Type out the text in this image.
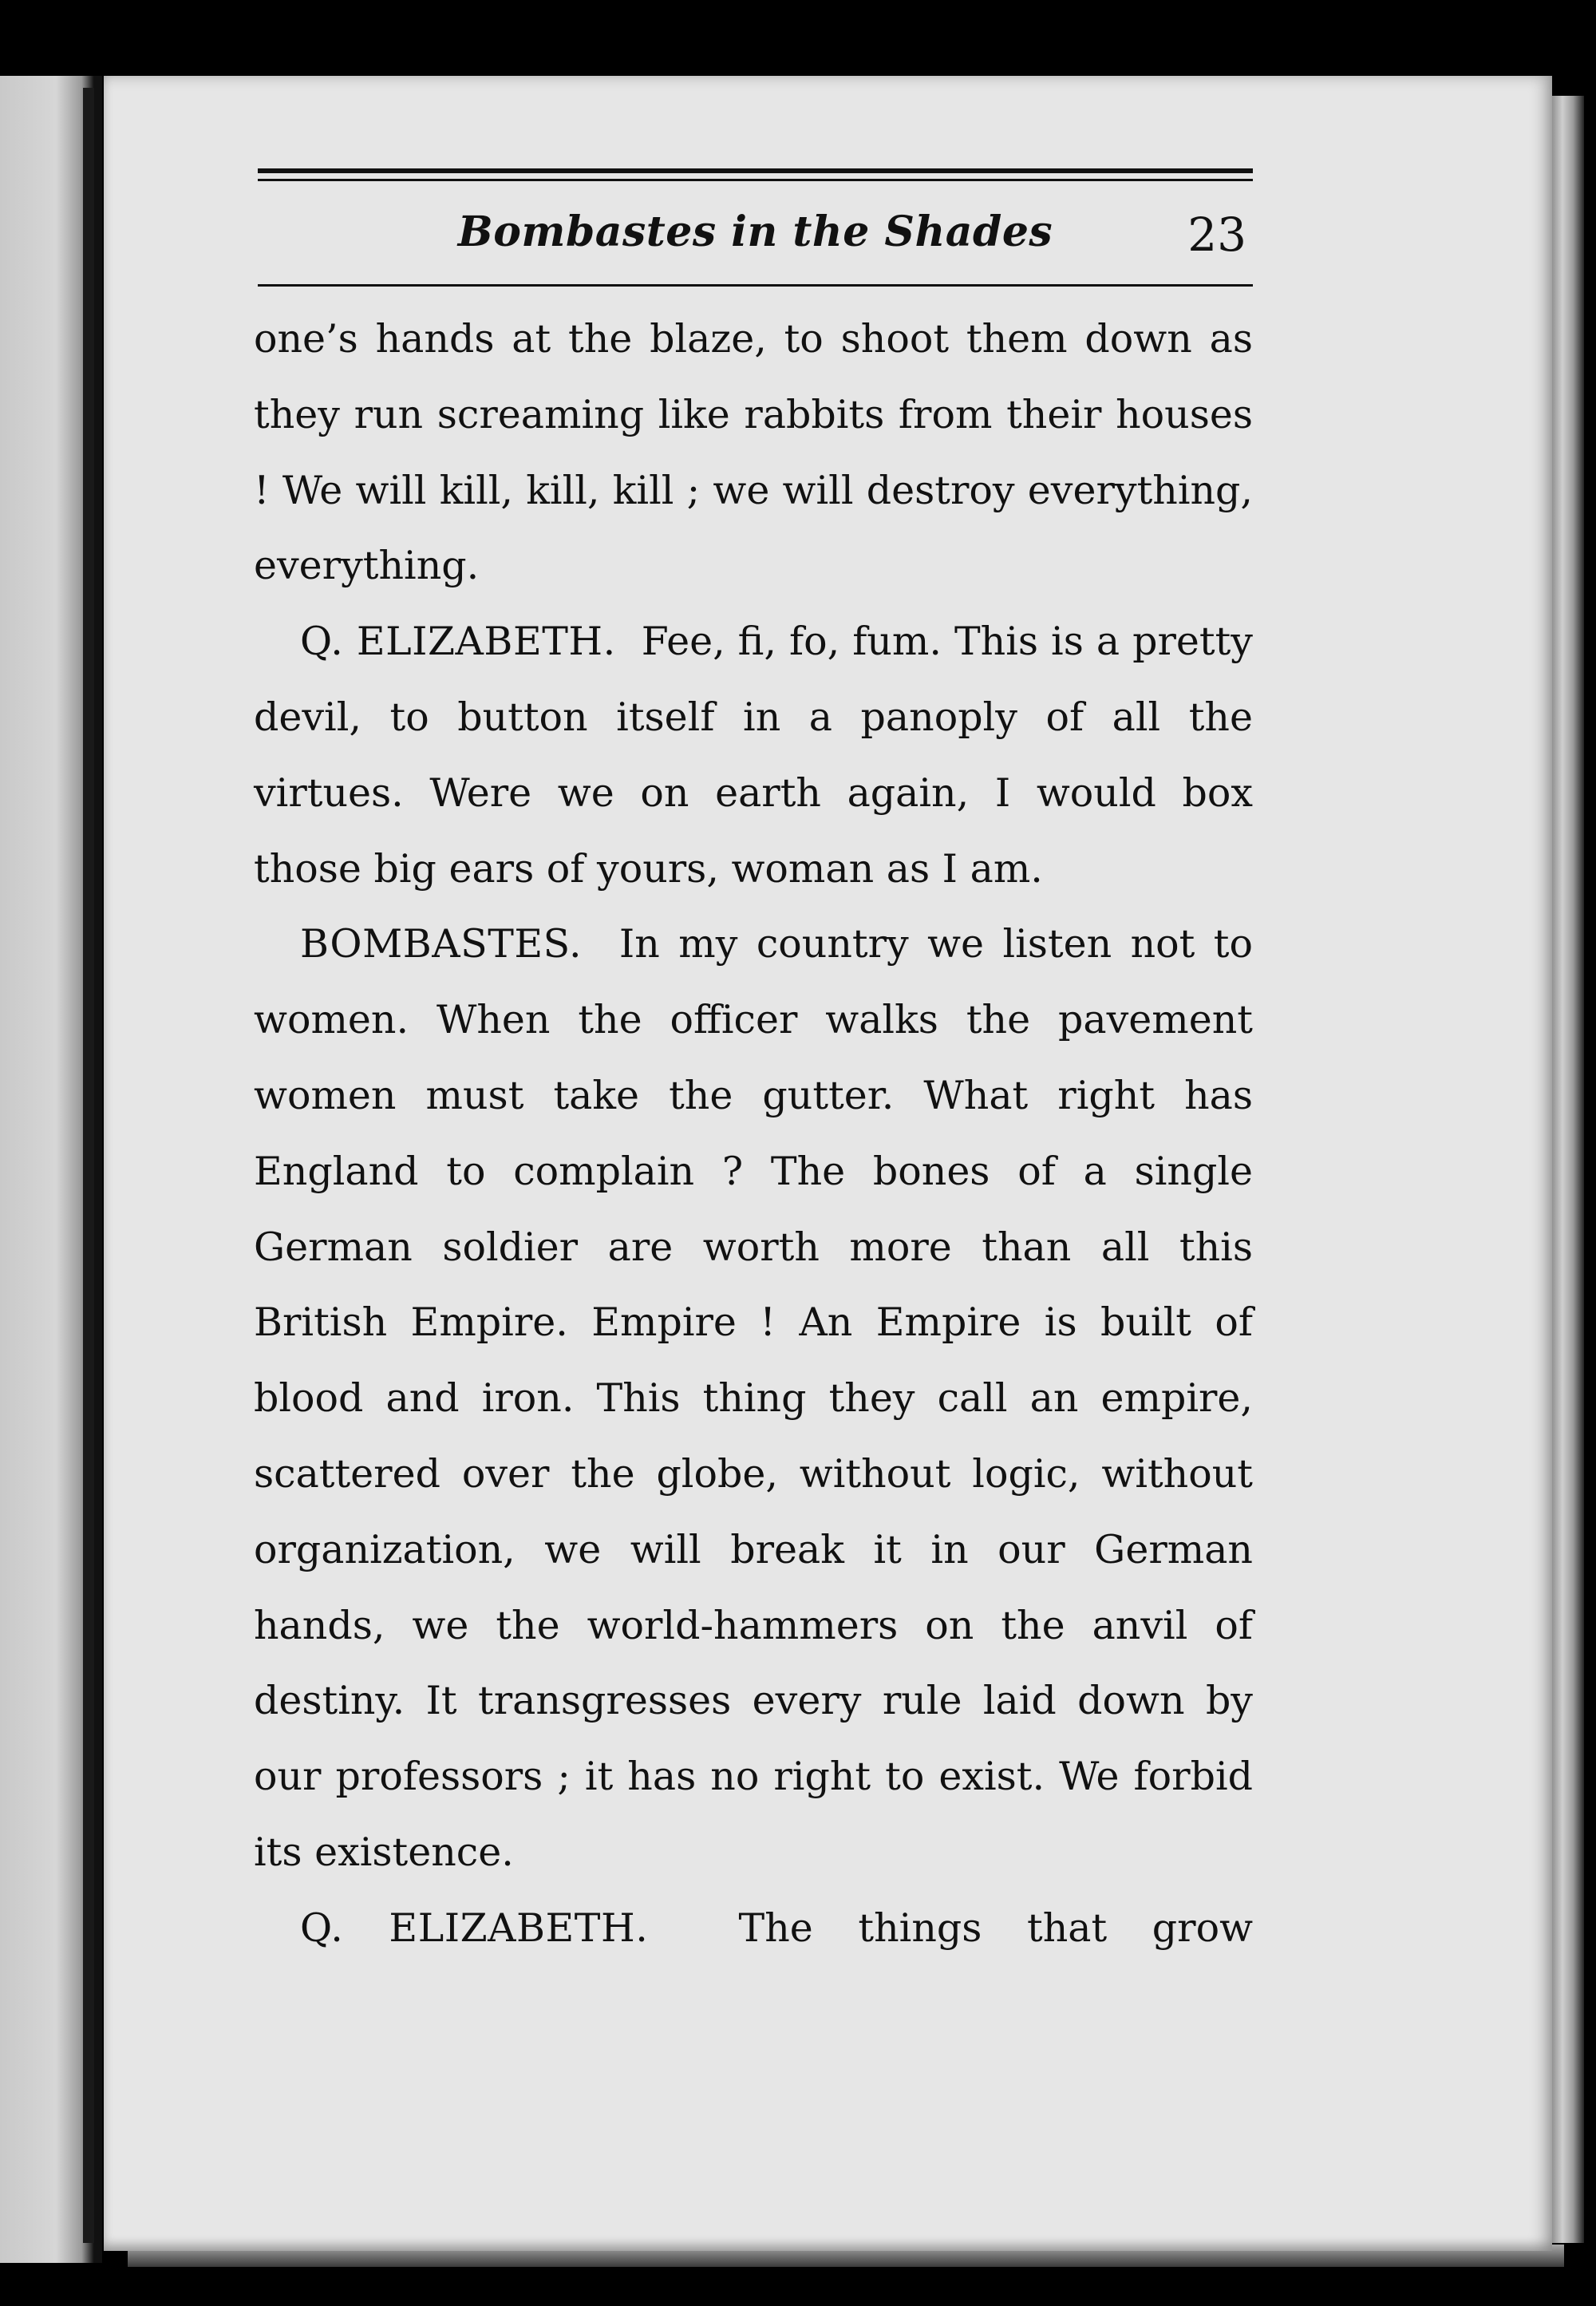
Bombastes in the Shades	23

one’s hands at the blaze, to shoot them down as they run screaming like rabbits from their houses ! We will kill, kill, kill ; we will destroy everything, everything.

Q. ELIZABETH. Fee, fi, fo, fum. This is a pretty devil, to button itself in a panoply of all the virtues. Were we on earth again, I would box those big ears of yours, woman as I am.

BOMBASTES. In my country we listen not to women. When the officer walks the pavement women must take the gutter. What right has England to complain ? The bones of a single German soldier are worth more than all this British Empire. Empire ! An Empire is built of blood and iron. This thing they call an empire, scattered over the globe, without logic, without organization, we will break it in our German hands, we the world-hammers on the anvil of destiny. It transgresses every rule laid down by our professors ; it has no right to exist. We forbid its existence.

Q. ELIZABETH. The things that grow
